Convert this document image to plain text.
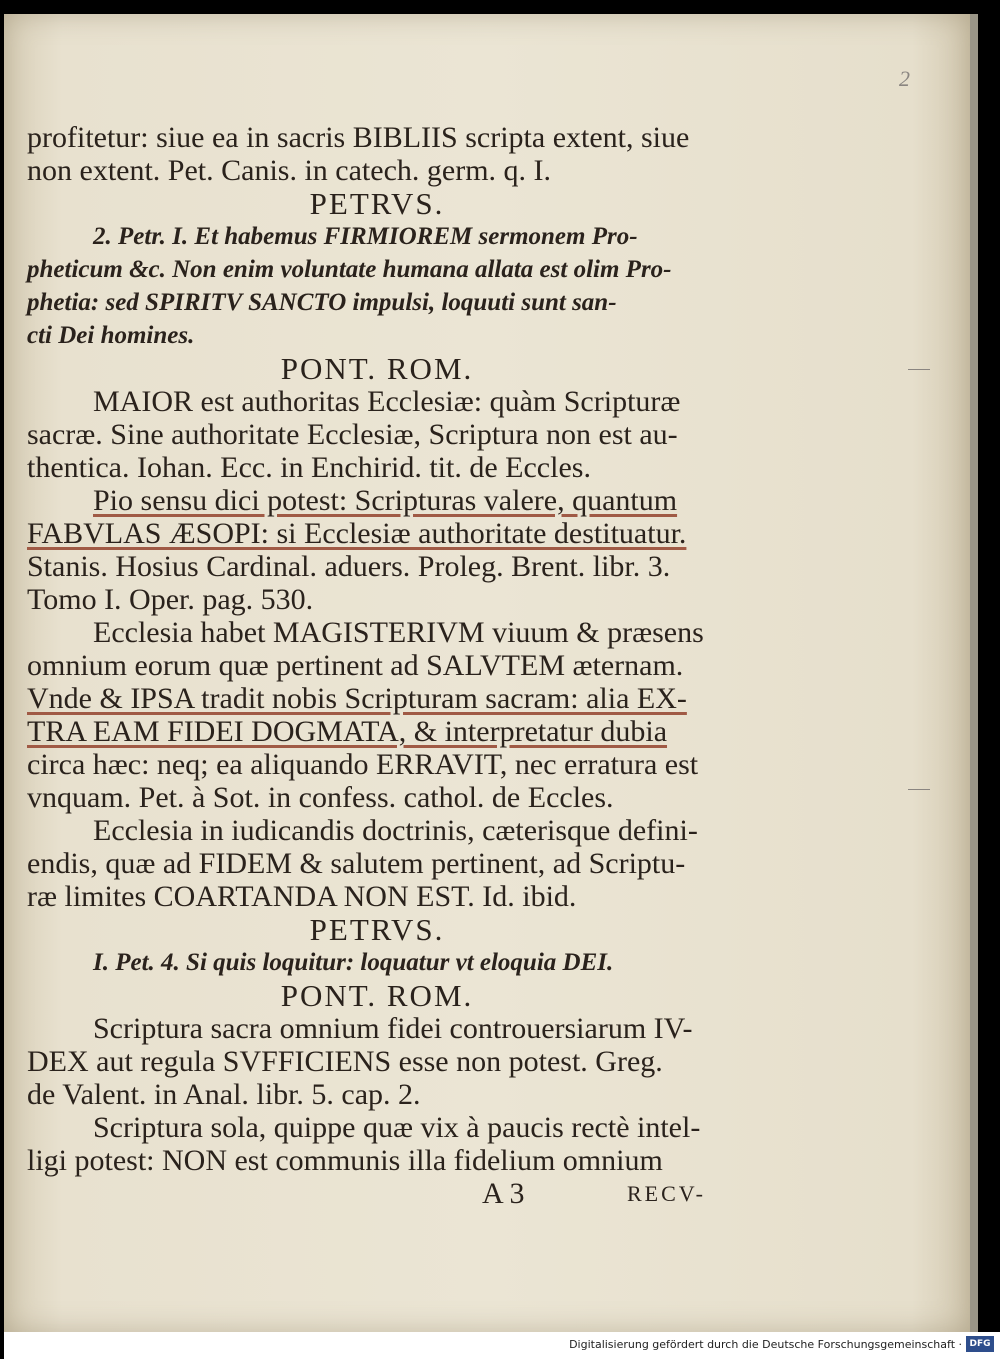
2
profitetur: siue ea in sacris BIBLIIS scripta extent, siue
non extent. Pet. Canis. in catech. germ. q. I.
PETRVS.
2. Petr. I. Et habemus FIRMIOREM sermonem Pro-
pheticum &c. Non enim voluntate humana allata est olim Pro-
phetia: sed SPIRITV SANCTO impulsi, loquuti sunt san-
cti Dei homines.
PONT. ROM.
MAIOR est authoritas Ecclesiæ: quàm Scripturæ
sacræ. Sine authoritate Ecclesiæ, Scriptura non est au-
thentica. Iohan. Ecc. in Enchirid. tit. de Eccles.
Pio sensu dici potest: Scripturas valere, quantum
FABVLAS ÆSOPI: si Ecclesiæ authoritate destituatur.
Stanis. Hosius Cardinal. aduers. Proleg. Brent. libr. 3.
Tomo I. Oper. pag. 530.
Ecclesia habet MAGISTERIVM viuum & præsens
omnium eorum quæ pertinent ad SALVTEM æternam.
Vnde & IPSA tradit nobis Scripturam sacram: alia EX-
TRA EAM FIDEI DOGMATA, & interpretatur dubia
circa hæc: neq; ea aliquando ERRAVIT, nec erratura est
vnquam. Pet. à Sot. in confess. cathol. de Eccles.
Ecclesia in iudicandis doctrinis, cæterisque defini-
endis, quæ ad FIDEM & salutem pertinent, ad Scriptu-
ræ limites COARTANDA NON EST. Id. ibid.
PETRVS.
I. Pet. 4. Si quis loquitur: loquatur vt eloquia DEI.
PONT. ROM.
Scriptura sacra omnium fidei controuersiarum IV-
DEX aut regula SVFFICIENS esse non potest. Greg.
de Valent. in Anal. libr. 5. cap. 2.
Scriptura sola, quippe quæ vix à paucis rectè intel-
ligi potest: NON est communis illa fidelium omnium
A 3	RECV-
Digitalisierung gefördert durch die Deutsche Forschungsgemeinschaft · DFG
